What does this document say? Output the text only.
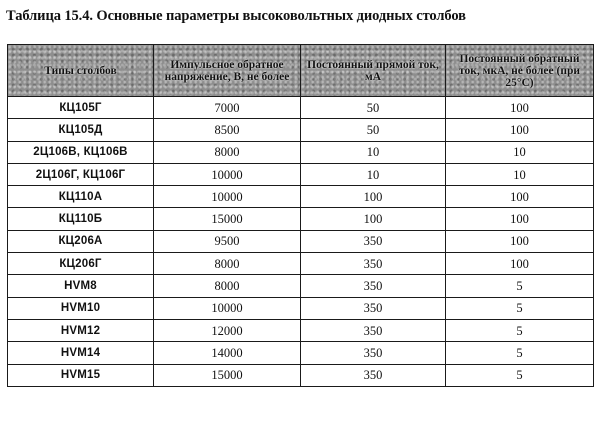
Таблица 15.4. Основные параметры высоковольтных диодных столбов
Типы столбов	Импульсное обратное напряжение, В, не более	Постоянный прямой ток, мА	Постоянный обратный ток, мкА, не более (при 25°C)
КЦ105Г	7000	50	100
КЦ105Д	8500	50	100
2Ц106В, КЦ106В	8000	10	10
2Ц106Г, КЦ106Г	10000	10	10
КЦ110А	10000	100	100
КЦ110Б	15000	100	100
КЦ206А	9500	350	100
КЦ206Г	8000	350	100
HVM8	8000	350	5
HVM10	10000	350	5
HVM12	12000	350	5
HVM14	14000	350	5
HVM15	15000	350	5
